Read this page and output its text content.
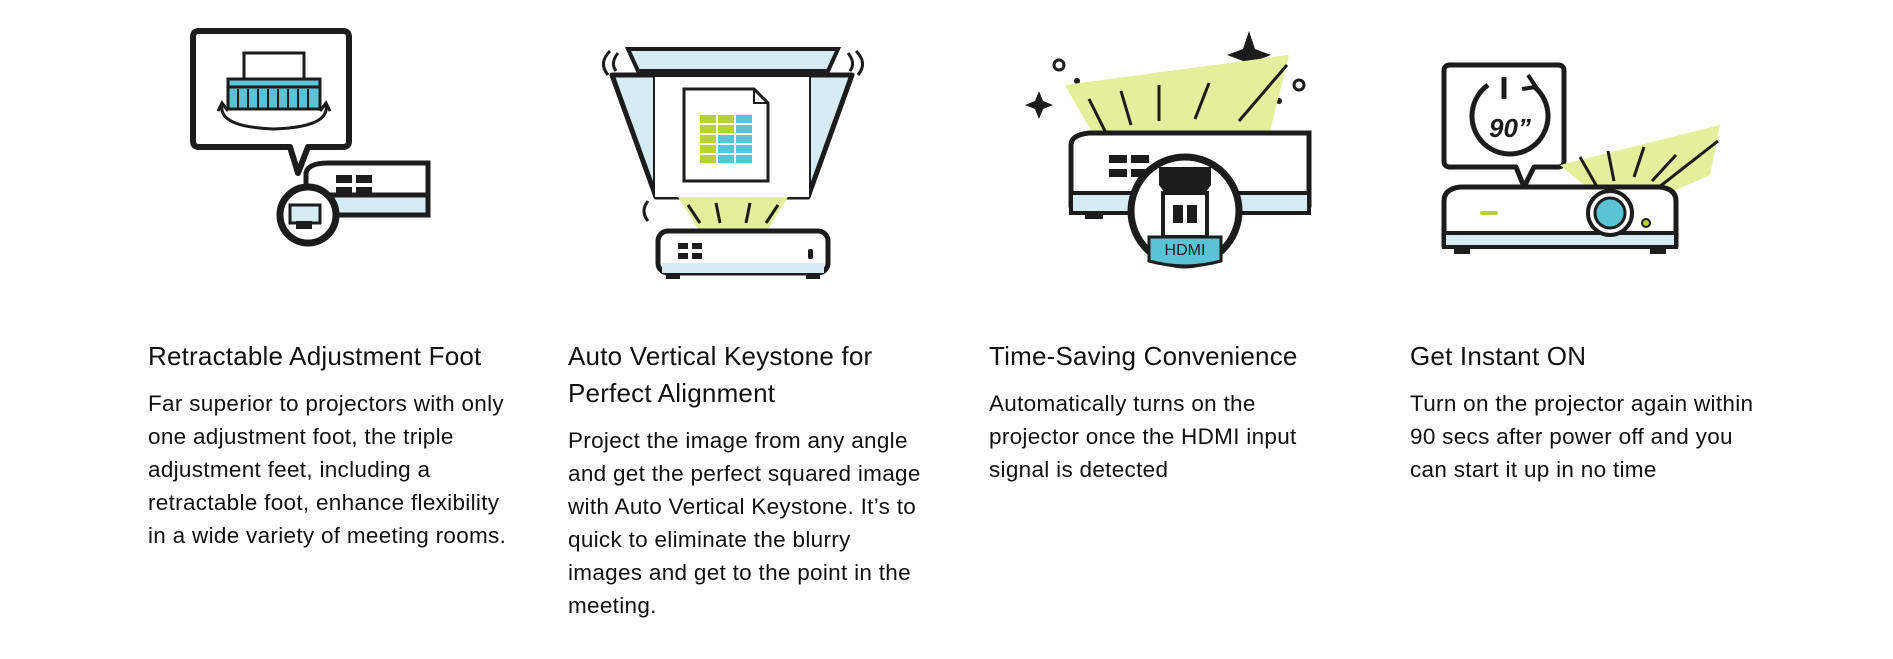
Retractable Adjustment Foot

Far superior to projectors with only one adjustment foot, the triple adjustment feet, including a retractable foot, enhance flexibility in a wide variety of meeting rooms.

Auto Vertical Keystone for Perfect Alignment

Project the image from any angle and get the perfect squared image with Auto Vertical Keystone. It’s to quick to eliminate the blurry images and get to the point in the meeting.

HDMI
Time-Saving Convenience

Automatically turns on the projector once the HDMI input signal is detected

90”
Get Instant ON

Turn on the projector again within 90 secs after power off and you can start it up in no time
